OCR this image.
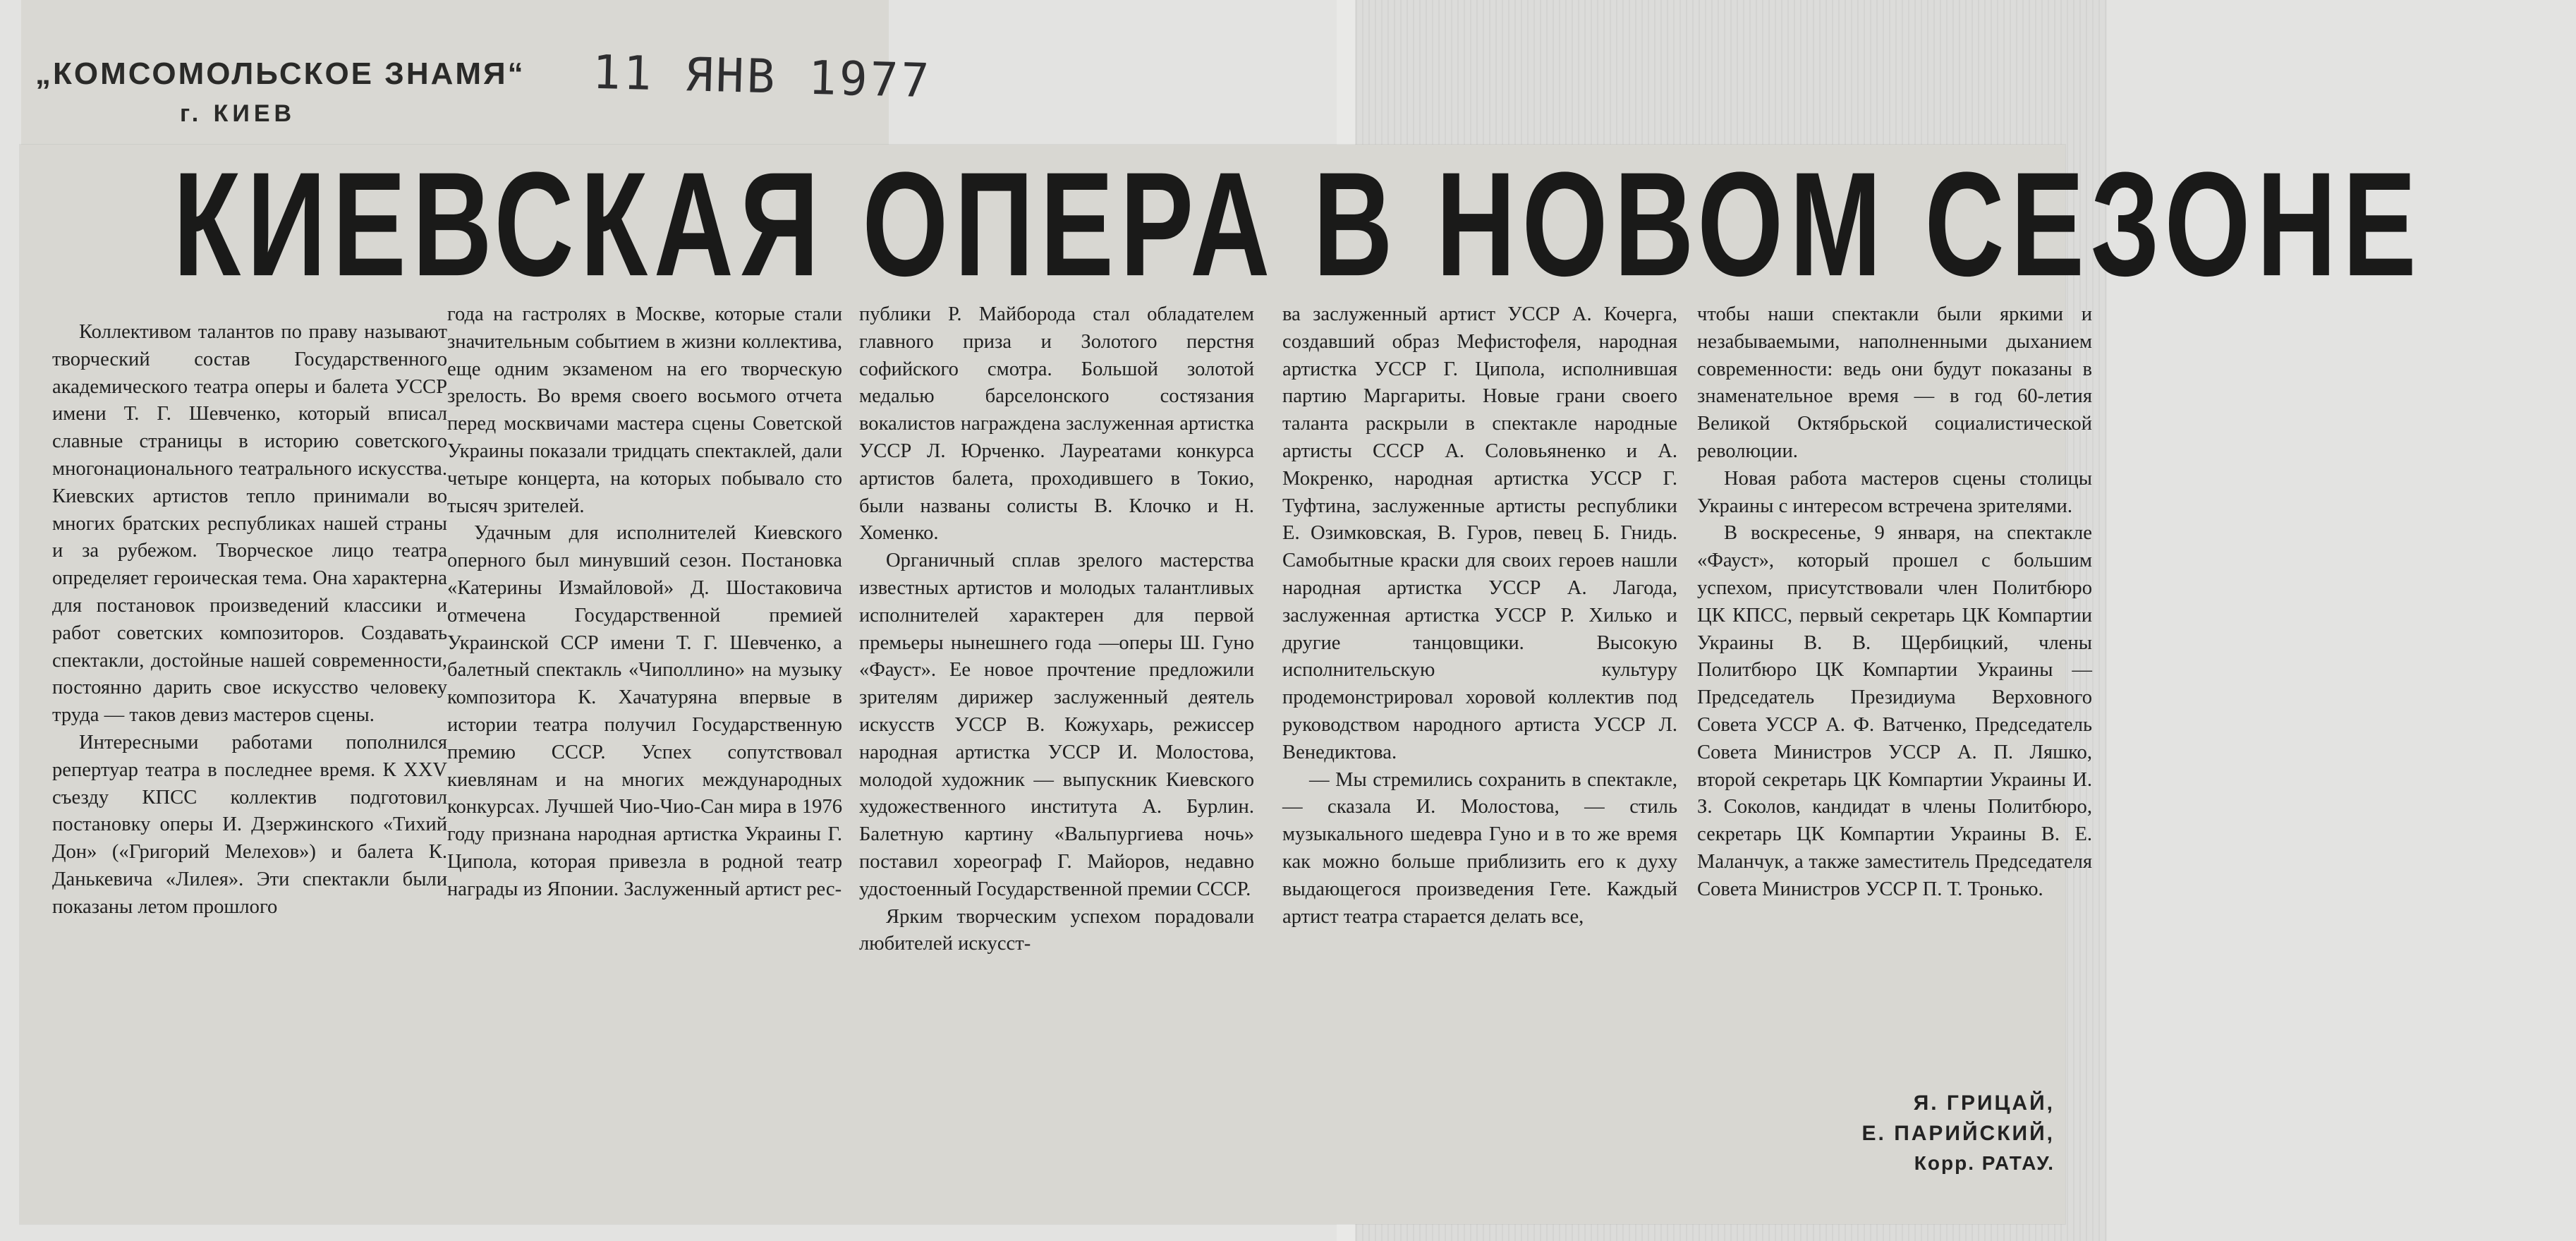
„КОМСОМОЛЬСКОЕ ЗНАМЯ“
г. КИЕВ
11 ЯНВ 1977
КИЕВСКАЯ ОПЕРА В НОВОМ СЕЗОНЕ

Коллективом талантов по праву называют творческий состав Государственного академического театра оперы и балета УССР имени Т. Г. Шевченко, который вписал славные страницы в историю советского многонационального театрального искусства. Киевских артистов тепло принимали во многих братских республиках нашей страны и за рубежом. Творческое лицо театра определяет героическая тема. Она характерна для постановок произведений классики и работ советских композиторов. Создавать спектакли, достойные нашей современности, постоянно дарить свое искусство человеку труда — таков девиз мастеров сцены.

Интересными работами пополнился репертуар театра в последнее время. К XXV съезду КПСС коллектив подготовил постановку оперы И. Дзержинского «Тихий Дон» («Григорий Мелехов») и балета К. Данькевича «Лилея». Эти спектакли были показаны летом прошлого

года на гастролях в Москве, которые стали значительным событием в жизни коллектива, еще одним экзаменом на его творческую зрелость. Во время своего восьмого отчета перед москвичами мастера сцены Советской Украины показали тридцать спектаклей, дали четыре концерта, на которых побывало сто тысяч зрителей.

Удачным для исполнителей Киевского оперного был минувший сезон. Постановка «Катерины Измайловой» Д. Шостаковича отмечена Государственной премией Украинской ССР имени Т. Г. Шевченко, а балетный спектакль «Чиполлино» на музыку композитора К. Хачатуряна впервые в истории театра получил Государственную премию СССР. Успех сопутствовал киевлянам и на многих международных конкурсах. Лучшей Чио-Чио-Сан мира в 1976 году признана народная артистка Украины Г. Ципола, которая привезла в родной театр награды из Японии. Заслуженный артист рес-

публики Р. Майборода стал обладателем главного приза и Золотого перстня софийского смотра. Большой золотой медалью барселонского состязания вокалистов награждена заслуженная артистка УССР Л. Юрченко. Лауреатами конкурса артистов балета, проходившего в Токио, были названы солисты В. Клочко и Н. Хоменко.

Органичный сплав зрелого мастерства известных артистов и молодых талантливых исполнителей характерен для первой премьеры нынешнего года —оперы Ш. Гуно «Фауст». Ее новое прочтение предложили зрителям дирижер заслуженный деятель искусств УССР В. Кожухарь, режиссер народная артистка УССР И. Молостова, молодой художник — выпускник Киевского художественного института А. Бурлин. Балетную картину «Вальпургиева ночь» поставил хореограф Г. Майоров, недавно удостоенный Государственной премии СССР.

Ярким творческим успехом порадовали любителей искусст-

ва заслуженный артист УССР А. Кочерга, создавший образ Мефистофеля, народная артистка УССР Г. Ципола, исполнившая партию Маргариты. Новые грани своего таланта раскрыли в спектакле народные артисты СССР А. Соловьяненко и А. Мокренко, народная артистка УССР Г. Туфтина, заслуженные артисты республики Е. Озимковская, В. Гуров, певец Б. Гнидь. Самобытные краски для своих героев нашли народная артистка УССР А. Лагода, заслуженная артистка УССР Р. Хилько и другие танцовщики. Высокую исполнительскую культуру продемонстрировал хоровой коллектив под руководством народного артиста УССР Л. Венедиктова.

— Мы стремились сохранить в спектакле, — сказала И. Молостова, — стиль музыкального шедевра Гуно и в то же время как можно больше приблизить его к духу выдающегося произведения Гете. Каждый артист театра старается делать все,

чтобы наши спектакли были яркими и незабываемыми, наполненными дыханием современности: ведь они будут показаны в знаменательное время — в год 60-летия Великой Октябрьской социалистической революции.

Новая работа мастеров сцены столицы Украины с интересом встречена зрителями.

В воскресенье, 9 января, на спектакле «Фауст», который прошел с большим успехом, присутствовали член Политбюро ЦК КПСС, первый секретарь ЦК Компартии Украины В. В. Щербицкий, члены Политбюро ЦК Компартии Украины — Председатель Президиума Верховного Совета УССР А. Ф. Ватченко, Председатель Совета Министров УССР А. П. Ляшко, второй секретарь ЦК Компартии Украины И. З. Соколов, кандидат в члены Политбюро, секретарь ЦК Компартии Украины В. Е. Маланчук, а также заместитель Председателя Совета Министров УССР П. Т. Тронько.

Я. ГРИЦАЙ,
Е. ПАРИЙСКИЙ,
Корр. РАТАУ.
